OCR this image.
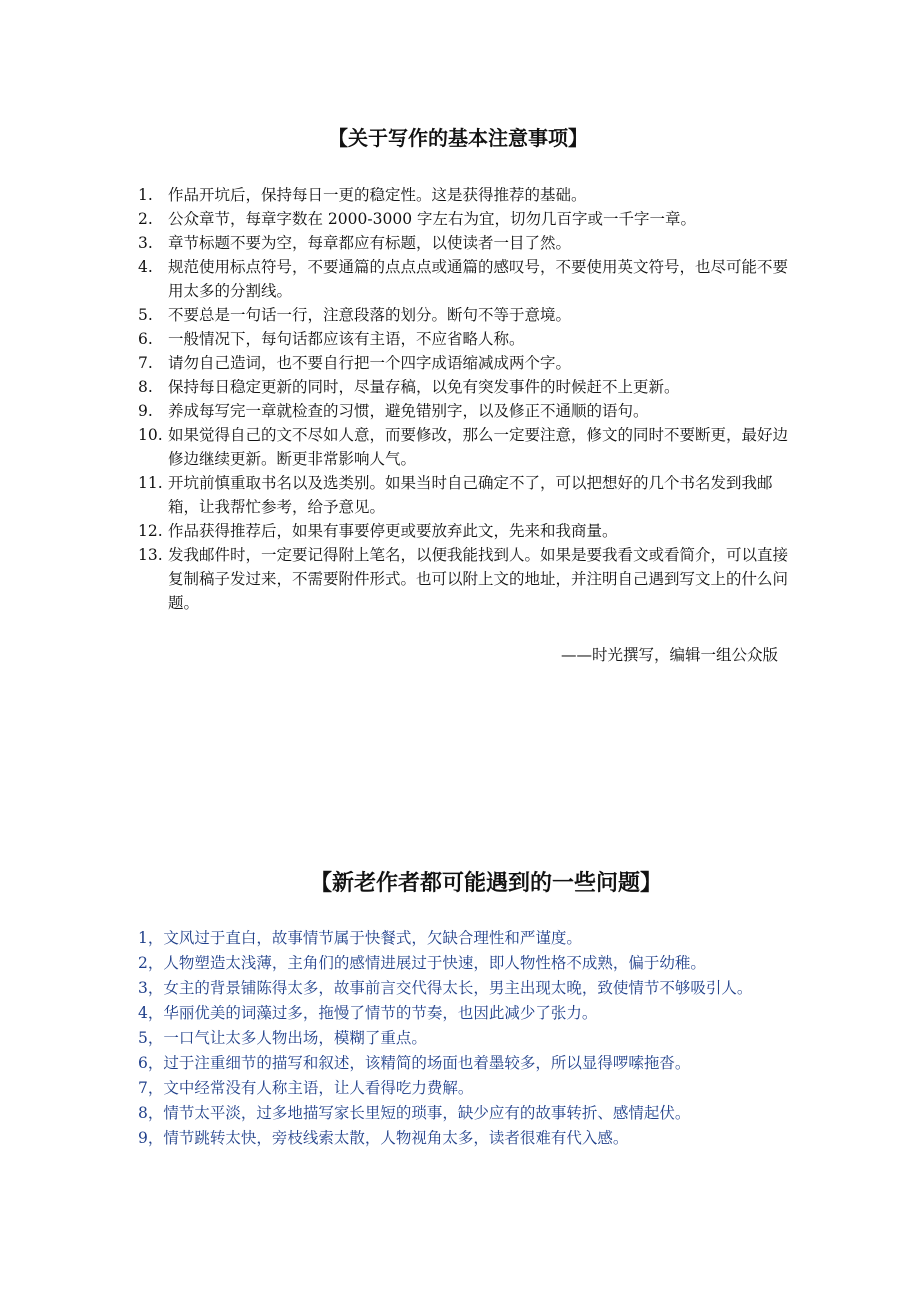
【关于写作的基本注意事项】
1. 作品开坑后，保持每日一更的稳定性。这是获得推荐的基础。
2. 公众章节，每章字数在 2000-3000 字左右为宜，切勿几百字或一千字一章。
3. 章节标题不要为空，每章都应有标题，以使读者一目了然。
4. 规范使用标点符号，不要通篇的点点点或通篇的感叹号，不要使用英文符号，也尽可能不要用太多的分割线。
5. 不要总是一句话一行，注意段落的划分。断句不等于意境。
6. 一般情况下，每句话都应该有主语，不应省略人称。
7. 请勿自己造词，也不要自行把一个四字成语缩减成两个字。
8. 保持每日稳定更新的同时，尽量存稿，以免有突发事件的时候赶不上更新。
9. 养成每写完一章就检查的习惯，避免错别字，以及修正不通顺的语句。
10. 如果觉得自己的文不尽如人意，而要修改，那么一定要注意，修文的同时不要断更，最好边修边继续更新。断更非常影响人气。
11. 开坑前慎重取书名以及选类别。如果当时自己确定不了，可以把想好的几个书名发到我邮箱，让我帮忙参考，给予意见。
12. 作品获得推荐后，如果有事要停更或要放弃此文，先来和我商量。
13. 发我邮件时，一定要记得附上笔名，以便我能找到人。如果是要我看文或看简介，可以直接复制稿子发过来，不需要附件形式。也可以附上文的地址，并注明自己遇到写文上的什么问题。

——时光撰写，编辑一组公众版

【新老作者都可能遇到的一些问题】
1，文风过于直白，故事情节属于快餐式，欠缺合理性和严谨度。
2，人物塑造太浅薄，主角们的感情进展过于快速，即人物性格不成熟，偏于幼稚。
3，女主的背景铺陈得太多，故事前言交代得太长，男主出现太晚，致使情节不够吸引人。
4，华丽优美的词藻过多，拖慢了情节的节奏，也因此减少了张力。
5，一口气让太多人物出场，模糊了重点。
6，过于注重细节的描写和叙述，该精简的场面也着墨较多，所以显得啰嗦拖沓。
7，文中经常没有人称主语，让人看得吃力费解。
8，情节太平淡，过多地描写家长里短的琐事，缺少应有的故事转折、感情起伏。
9，情节跳转太快，旁枝线索太散，人物视角太多，读者很难有代入感。
